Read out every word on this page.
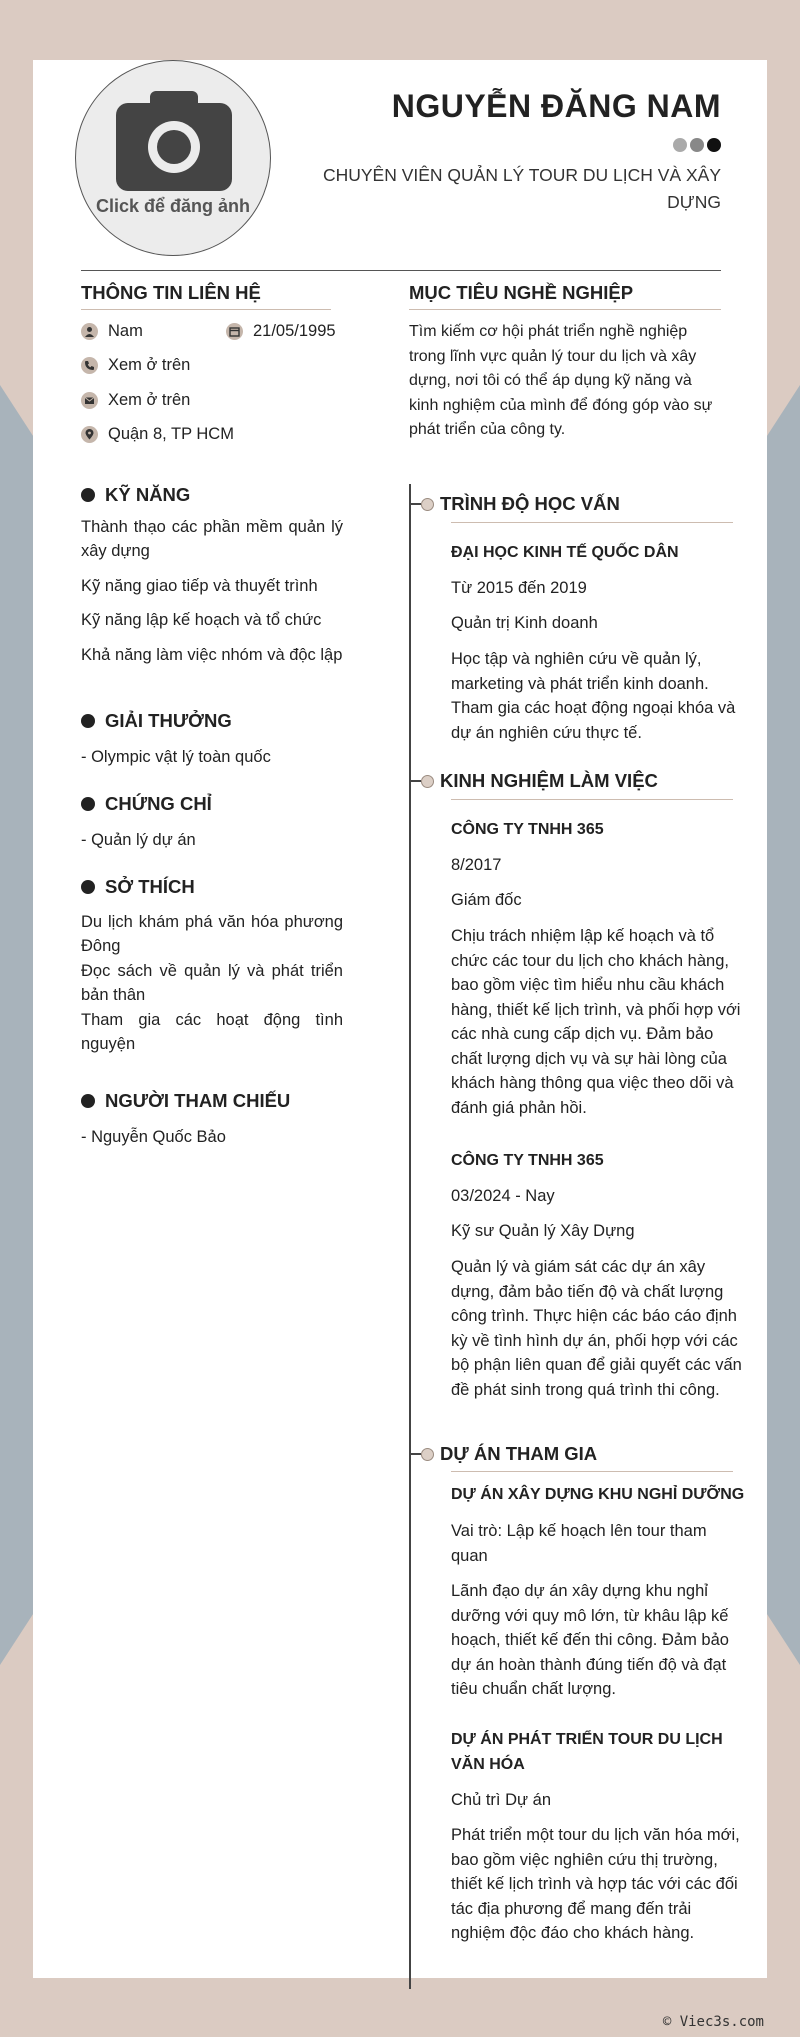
Click để đăng ảnh
NGUYỄN ĐĂNG NAM
CHUYÊN VIÊN QUẢN LÝ TOUR DU LỊCH VÀ XÂY DỰNG
THÔNG TIN LIÊN HỆ
Nam	21/05/1995
Xem ở trên
Xem ở trên
Quận 8, TP HCM
MỤC TIÊU NGHỀ NGHIỆP
Tìm kiếm cơ hội phát triển nghề nghiệp trong lĩnh vực quản lý tour du lịch và xây dựng, nơi tôi có thể áp dụng kỹ năng và kinh nghiệm của mình để đóng góp vào sự phát triển của công ty.
KỸ NĂNG
Thành thạo các phần mềm quản lý xây dựng
Kỹ năng giao tiếp và thuyết trình
Kỹ năng lập kế hoạch và tổ chức
Khả năng làm việc nhóm và độc lập
GIẢI THƯỞNG
- Olympic vật lý toàn quốc
CHỨNG CHỈ
- Quản lý dự án
SỞ THÍCH
Du lịch khám phá văn hóa phương Đông
Đọc sách về quản lý và phát triển bản thân
Tham gia các hoạt động tình nguyện
NGƯỜI THAM CHIẾU
- Nguyễn Quốc Bảo
TRÌNH ĐỘ HỌC VẤN
ĐẠI HỌC KINH TẾ QUỐC DÂN
Từ 2015 đến 2019
Quản trị Kinh doanh
Học tập và nghiên cứu về quản lý, marketing và phát triển kinh doanh. Tham gia các hoạt động ngoại khóa và dự án nghiên cứu thực tế.
KINH NGHIỆM LÀM VIỆC
CÔNG TY TNHH 365
8/2017
Giám đốc
Chịu trách nhiệm lập kế hoạch và tổ chức các tour du lịch cho khách hàng, bao gồm việc tìm hiểu nhu cầu khách hàng, thiết kế lịch trình, và phối hợp với các nhà cung cấp dịch vụ. Đảm bảo chất lượng dịch vụ và sự hài lòng của khách hàng thông qua việc theo dõi và đánh giá phản hồi.
CÔNG TY TNHH 365
03/2024 - Nay
Kỹ sư Quản lý Xây Dựng
Quản lý và giám sát các dự án xây dựng, đảm bảo tiến độ và chất lượng công trình. Thực hiện các báo cáo định kỳ về tình hình dự án, phối hợp với các bộ phận liên quan để giải quyết các vấn đề phát sinh trong quá trình thi công.
DỰ ÁN THAM GIA
DỰ ÁN XÂY DỰNG KHU NGHỈ DƯỠNG
Vai trò: Lập kế hoạch lên tour tham quan
Lãnh đạo dự án xây dựng khu nghỉ dưỡng với quy mô lớn, từ khâu lập kế hoạch, thiết kế đến thi công. Đảm bảo dự án hoàn thành đúng tiến độ và đạt tiêu chuẩn chất lượng.
DỰ ÁN PHÁT TRIỂN TOUR DU LỊCH VĂN HÓA
Chủ trì Dự án
Phát triển một tour du lịch văn hóa mới, bao gồm việc nghiên cứu thị trường, thiết kế lịch trình và hợp tác với các đối tác địa phương để mang đến trải nghiệm độc đáo cho khách hàng.
© Viec3s.com
